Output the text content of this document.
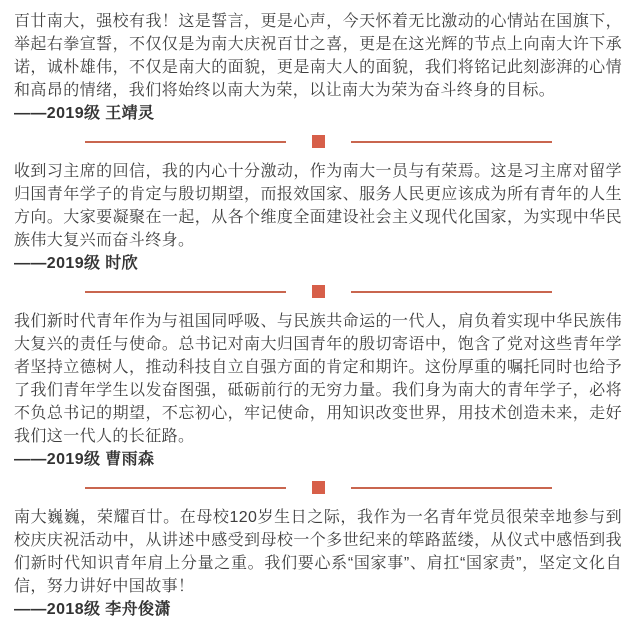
百廿南大，强校有我！这是誓言，更是心声，今天怀着无比激动的心情站在国旗下，举起右拳宣誓，不仅仅是为南大庆祝百廿之喜，更是在这光辉的节点上向南大许下承诺，诚朴雄伟，不仅是南大的面貌，更是南大人的面貌，我们将铭记此刻澎湃的心情和高昂的情绪，我们将始终以南大为荣，以让南大为荣为奋斗终身的目标。

——2019级 王靖灵

收到习主席的回信，我的内心十分激动，作为南大一员与有荣焉。这是习主席对留学归国青年学子的肯定与殷切期望，而报效国家、服务人民更应该成为所有青年的人生方向。大家要凝聚在一起，从各个维度全面建设社会主义现代化国家，为实现中华民族伟大复兴而奋斗终身。

——2019级 时欣

我们新时代青年作为与祖国同呼吸、与民族共命运的一代人，肩负着实现中华民族伟大复兴的责任与使命。总书记对南大归国青年的殷切寄语中，饱含了党对这些青年学者坚持立德树人，推动科技自立自强方面的肯定和期许。这份厚重的嘱托同时也给予了我们青年学生以发奋图强，砥砺前行的无穷力量。我们身为南大的青年学子，必将不负总书记的期望，不忘初心，牢记使命，用知识改变世界，用技术创造未来，走好我们这一代人的长征路。

——2019级 曹雨森

南大巍巍，荣耀百廿。在母校120岁生日之际，我作为一名青年党员很荣幸地参与到校庆庆祝活动中，从讲述中感受到母校一个多世纪来的筚路蓝缕，从仪式中感悟到我们新时代知识青年肩上分量之重。我们要心系“国家事”、肩扛“国家责”，坚定文化自信，努力讲好中国故事！

——2018级 李舟俊潇
